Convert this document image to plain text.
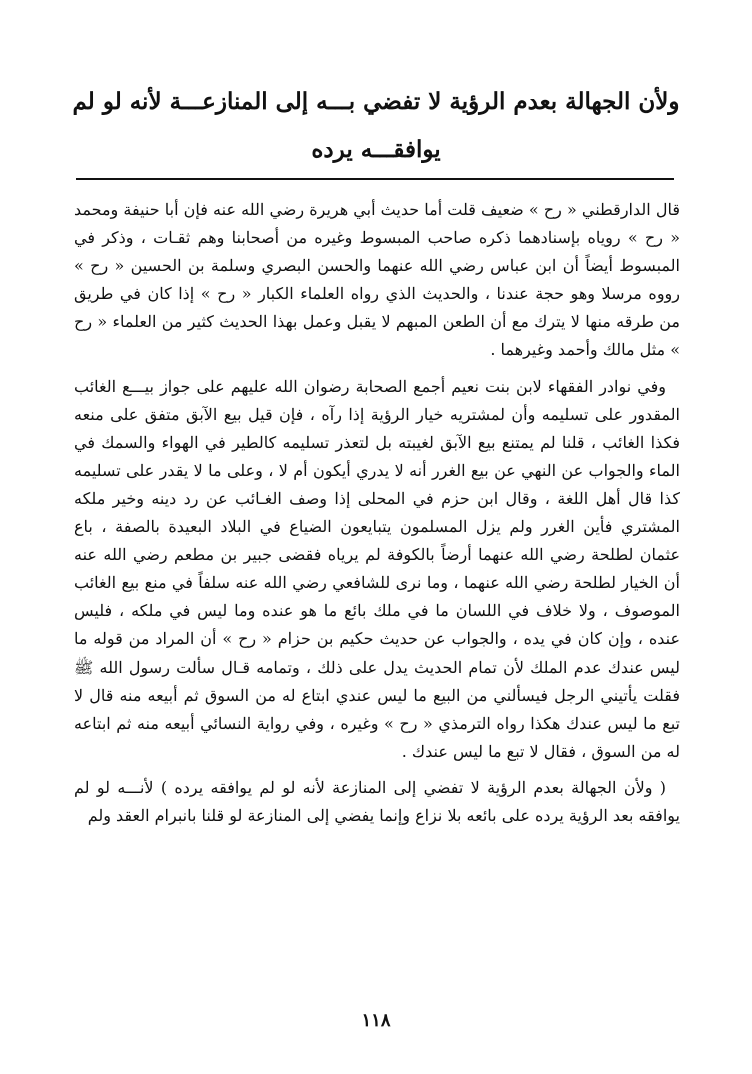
ولأن الجهالة بعدم الرؤية لا تفضي بـــه إلى المنازعـــة لأنه لو لم يوافقـــه يرده

قال الدارقطني « رح » ضعيف قلت أما حديث أبي هريرة رضي الله عنه فإن أبا حنيفة ومحمد « رح » روياه بإسنادهما ذكره صاحب المبسوط وغيره من أصحابنا وهم ثقـات ، وذكر في المبسوط أيضاً أن ابن عباس رضي الله عنهما والحسن البصري وسلمة بن الحسين « رح » رووه مرسلا وهو حجة عندنا ، والحديث الذي رواه العلماء الكبار « رح » إذا كان في طريق من طرقه منها لا يترك مع أن الطعن المبهم لا يقبل وعمل بهذا الحديث كثير من العلماء « رح » مثل مالك وأحمد وغيرهما .

وفي نوادر الفقهاء لابن بنت نعيم أجمع الصحابة رضوان الله عليهم على جواز بيـــع الغائب المقدور على تسليمه وأن لمشتريه خيار الرؤية إذا رآه ، فإن قيل بيع الآبق متفق على منعه فكذا الغائب ، قلنا لم يمتنع بيع الآبق لغيبته بل لتعذر تسليمه كالطير في الهواء والسمك في الماء والجواب عن النهي عن بيع الغرر أنه لا يدري أيكون أم لا ، وعلى ما لا يقدر على تسليمه كذا قال أهل اللغة ، وقال ابن حزم في المحلى إذا وصف الغـائب عن رد دينه وخير ملكه المشتري فأين الغرر ولم يزل المسلمون يتبايعون الضياع في البلاد البعيدة بالصفة ، باع عثمان لطلحة رضي الله عنهما أرضاً بالكوفة لم يرياه فقضى جبير بن مطعم رضي الله عنه أن الخيار لطلحة رضي الله عنهما ، وما نرى للشافعي رضي الله عنه سلفاً في منع بيع الغائب الموصوف ، ولا خلاف في اللسان ما في ملك بائع ما هو عنده وما ليس في ملكه ، فليس عنده ، وإن كان في يده ، والجواب عن حديث حكيم بن حزام « رح » أن المراد من قوله ما ليس عندك عدم الملك لأن تمام الحديث يدل على ذلك ، وتمامه قـال سألت رسول الله ﷺ فقلت يأتيني الرجل فيسألني من البيع ما ليس عندي ابتاع له من السوق ثم أبيعه منه قال لا تبع ما ليس عندك هكذا رواه الترمذي « رح » وغيره ، وفي رواية النسائي أبيعه منه ثم ابتاعه له من السوق ، فقال لا تبع ما ليس عندك .

( ولأن الجهالة بعدم الرؤية لا تفضي إلى المنازعة لأنه لو لم يوافقه يرده ) لأنـــه لو لم يوافقه بعد الرؤية يرده على بائعه بلا نزاع وإنما يفضي إلى المنازعة لو قلنا بانبرام العقد ولم

١١٨
